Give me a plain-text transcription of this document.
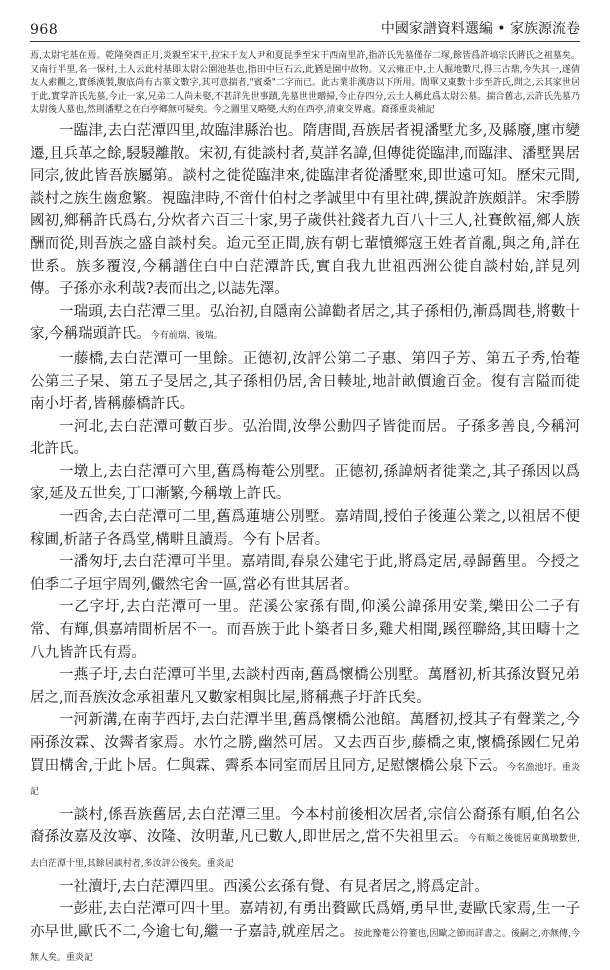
968	中國家譜資料選編 • 家族源流卷

焉,太尉宅基在焉。乾隆癸酉正月,炎親至宋干,拉宋干友人尹和夏昆季至宋干西南里許,指許氏先墓僅存二塚,餘皆爲許塙宗氏蔣氏之祖墓矣。又南行半里,名一保村,土人云此村基即太尉公園池基也,指田中巨石云,此猶是園中故物。又云雍正中,土人掘地數尺,得三古鼎,今失其一,遂倩友人索觀之,實係漢製,腹底尚有古篆文數字,其可意揣者,"賓桑"二字而已。此古業非漢唐以下所用。間單又東數十步至許氏,問之,云其家世居于此,實掌許氏先墓,今止一家,兄弟二人尚未娶,不甚詳先世事蹟,先墓世世贈掃,今止存四分,云土人稱此爲太尉公墓。揣合舊志,云許氏先墓乃太尉後人墓也,然則潘墅之在白亭鄉無可疑矣。今之圖里又略變,大約在西亭,清東交界處。裔孫重炎補記

一臨津,去白茫潭四里,故臨津縣治也。隋唐間,吾族居者視潘墅尤多,及縣廢,廛市變遷,且兵革之餘,駸駸離散。宋初,有徙談村者,莫詳名諱,但傳徙從臨津,而臨津、潘墅異居同宗,彼此皆吾族屬第。談村之徙從臨津來,徙臨津者從潘墅來,即世遠可知。歷宋元間,談村之族生齒愈繁。視臨津時,不啻什伯村之孝誠里中有里社碑,撰說許族頗詳。宋季勝國初,鄉稱許氏爲右,分炊者六百三十家,男子歲供社錢者九百八十三人,社賽飲福,鄉人族酬而從,則吾族之盛自談村矣。迨元至正間,族有朝七輩憤鄉寇王姓者首亂,與之角,詳在世系。族多覆沒,今稱譜住白中白茫潭許氏,實自我九世祖西洲公徙自談村始,詳見列傳。子孫亦永利哉?表而出之,以誌先澤。

一瑞頭,去白茫潭三里。弘治初,自隱南公諱勸者居之,其子孫相仍,漸爲閭巷,將數十家,今稱瑞頭許氏。今有前瑞、後瑞。

一藤橋,去白茫潭可一里餘。正德初,汝評公第二子惠、第四子芳、第五子秀,怡菴公第三子杲、第五子旻居之,其子孫相仍居,舍日輳址,地計畝價逾百金。復有言隘而徙南小圩者,皆稱藤橋許氏。

一河北,去白茫潭可數百步。弘治間,汝學公勳四子皆徙而居。子孫多善良,今稱河北許氏。

一墩上,去白茫潭可六里,舊爲梅菴公別墅。正德初,孫諱炳者徙業之,其子孫因以爲家,延及五世矣,丁口漸繁,今稱墩上許氏。

一西舍,去白茫潭可二里,舊爲蓮塘公別墅。嘉靖間,授伯子後蓮公業之,以祖居不便稼圃,析諸子各爲堂,構畊且讀焉。今有卜居者。

一潘匆圩,去白茫潭可半里。嘉靖間,春泉公建宅于此,將爲定居,尋歸舊里。今授之伯季二子垣宇周列,儼然宅舍一區,當必有世其居者。

一乙字圩,去白茫潭可一里。茫溪公家孫有間,仰溪公諱孫用安業,樂田公二子有常、有輝,俱嘉靖間析居不一。而吾族于此卜築者日多,雞犬相聞,蹊徑聯絡,其田疇十之八九皆許氏有焉。

一燕子圩,去白茫潭可半里,去談村西南,舊爲懷橋公別墅。萬曆初,析其孫汝賢兄弟居之,而吾族汝念承祖輩凡又數家相與比屋,將稱燕子圩許氏矣。

一河新溝,在南芋西圩,去白茫潭半里,舊爲懷橋公池館。萬曆初,授其子有聲業之,今兩孫汝霖、汝霽者家焉。水竹之勝,幽然可居。又去西百步,藤橋之東,懷橋孫國仁兄弟買田構舍,于此卜居。仁與霖、霽系本同室而居且同方,足慰懷橋公泉下云。今名漁池圩。重炎記

一談村,係吾族舊居,去白茫潭三里。今本村前後相次居者,宗信公裔孫有順,伯名公裔孫汝嘉及汝寧、汝隆、汝明輩,凡已數人,即世居之,當不失祖里云。今有順之後徙居東萬墩數世,去白茫潭十里,其餘居談村者,多汝評公後矣。重炎記

一社瀆圩,去白茫潭四里。西溪公玄孫有覺、有見者居之,將爲定計。

一彭莊,去白茫潭可四十里。嘉靖初,有勇出贅歐氏爲婿,勇早世,妻歐氏家焉,生一子亦早世,歐氏不二,今逾七旬,繼一子嘉詩,就産居之。按此豫菴公符箠也,因歐之節而詳書之。後嗣之,亦無傳,今無人矣。重炎記
